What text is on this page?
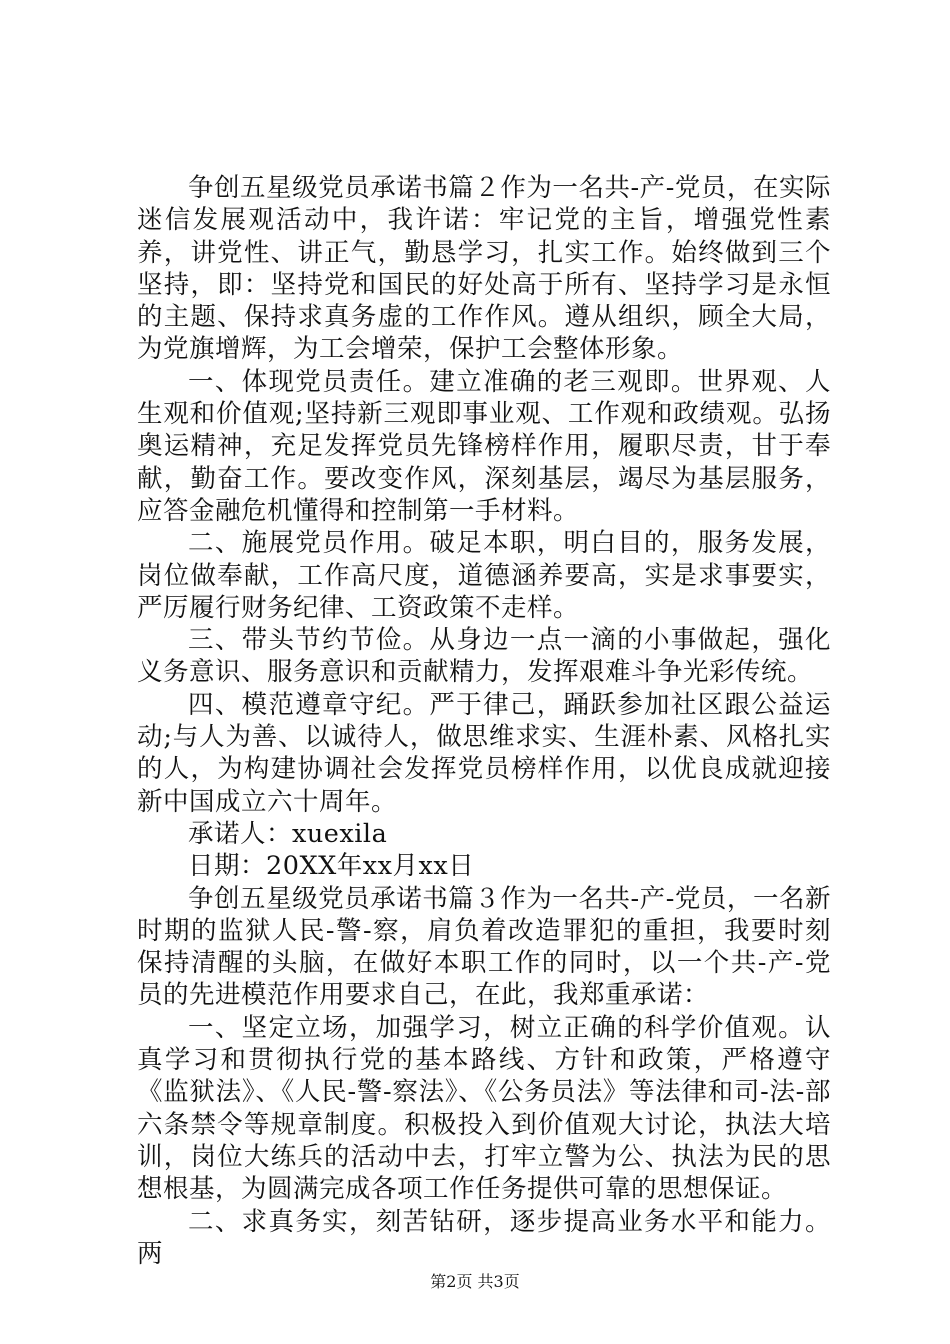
争创五星级党员承诺书篇２作为一名共-产-党员，在实际迷信发展观活动中，我许诺：牢记党的主旨，增强党性素养，讲党性、讲正气，勤恳学习，扎实工作。始终做到三个坚持，即：坚持党和国民的好处高于所有、坚持学习是永恒的主题、保持求真务虚的工作作风。遵从组织，顾全大局，为党旗增辉，为工会增荣，保护工会整体形象。

一、体现党员责任。建立准确的老三观即。世界观、人生观和价值观;坚持新三观即事业观、工作观和政绩观。弘扬奥运精神，充足发挥党员先锋榜样作用，履职尽责，甘于奉献，勤奋工作。要改变作风，深刻基层，竭尽为基层服务，应答金融危机懂得和控制第一手材料。

二、施展党员作用。破足本职，明白目的，服务发展，岗位做奉献，工作高尺度，道德涵养要高，实是求事要实，严厉履行财务纪律、工资政策不走样。

三、带头节约节俭。从身边一点一滴的小事做起，强化义务意识、服务意识和贡献精力，发挥艰难斗争光彩传统。

四、模范遵章守纪。严于律己，踊跃参加社区跟公益运动;与人为善、以诚待人，做思维求实、生涯朴素、风格扎实的人，为构建协调社会发挥党员榜样作用，以优良成就迎接新中国成立六十周年。

承诺人：xuexila

日期：20XX年xx月xx日

争创五星级党员承诺书篇３作为一名共-产-党员，一名新时期的监狱人民-警-察，肩负着改造罪犯的重担，我要时刻保持清醒的头脑，在做好本职工作的同时，以一个共-产-党员的先进模范作用要求自己，在此，我郑重承诺：

一、坚定立场，加强学习，树立正确的科学价值观。认真学习和贯彻执行党的基本路线、方针和政策，严格遵守《监狱法》、《人民-警-察法》、《公务员法》等法律和司-法-部六条禁令等规章制度。积极投入到价值观大讨论，执法大培训，岗位大练兵的活动中去，打牢立警为公、执法为民的思想根基，为圆满完成各项工作任务提供可靠的思想保证。

二、求真务实，刻苦钻研，逐步提高业务水平和能力。两

第2页 共3页
